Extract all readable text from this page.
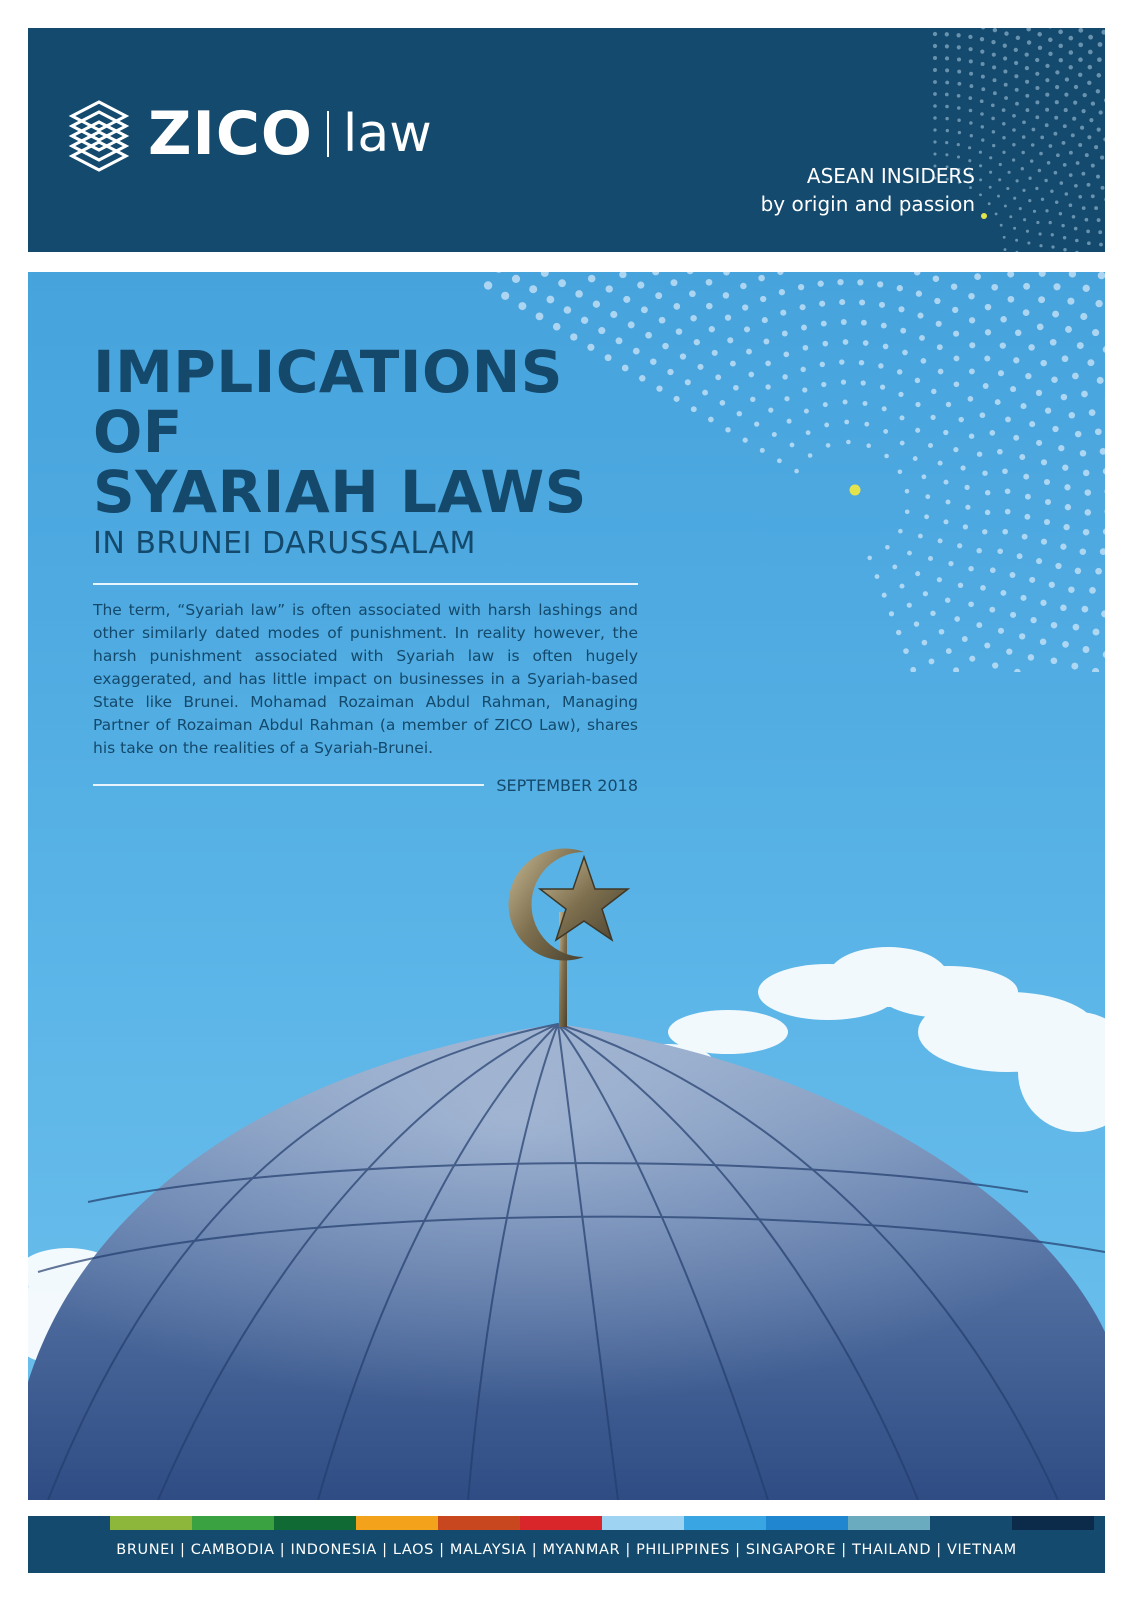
ZICO law
ASEAN INSIDERS
by origin and passion
IMPLICATIONS OF
SYARIAH LAWS
IN BRUNEI DARUSSALAM

The term, “Syariah law” is often associated with harsh lashings and other similarly dated modes of punishment. In reality however, the harsh punishment associated with Syariah law is often hugely exaggerated, and has little impact on businesses in a Syariah-based State like Brunei. Mohamad Rozaiman Abdul Rahman, Managing Partner of Rozaiman Abdul Rahman (a member of ZICO Law), shares his take on the realities of a Syariah-Brunei.

SEPTEMBER 2018
BRUNEI | CAMBODIA | INDONESIA | LAOS | MALAYSIA | MYANMAR | PHILIPPINES | SINGAPORE | THAILAND | VIETNAM
